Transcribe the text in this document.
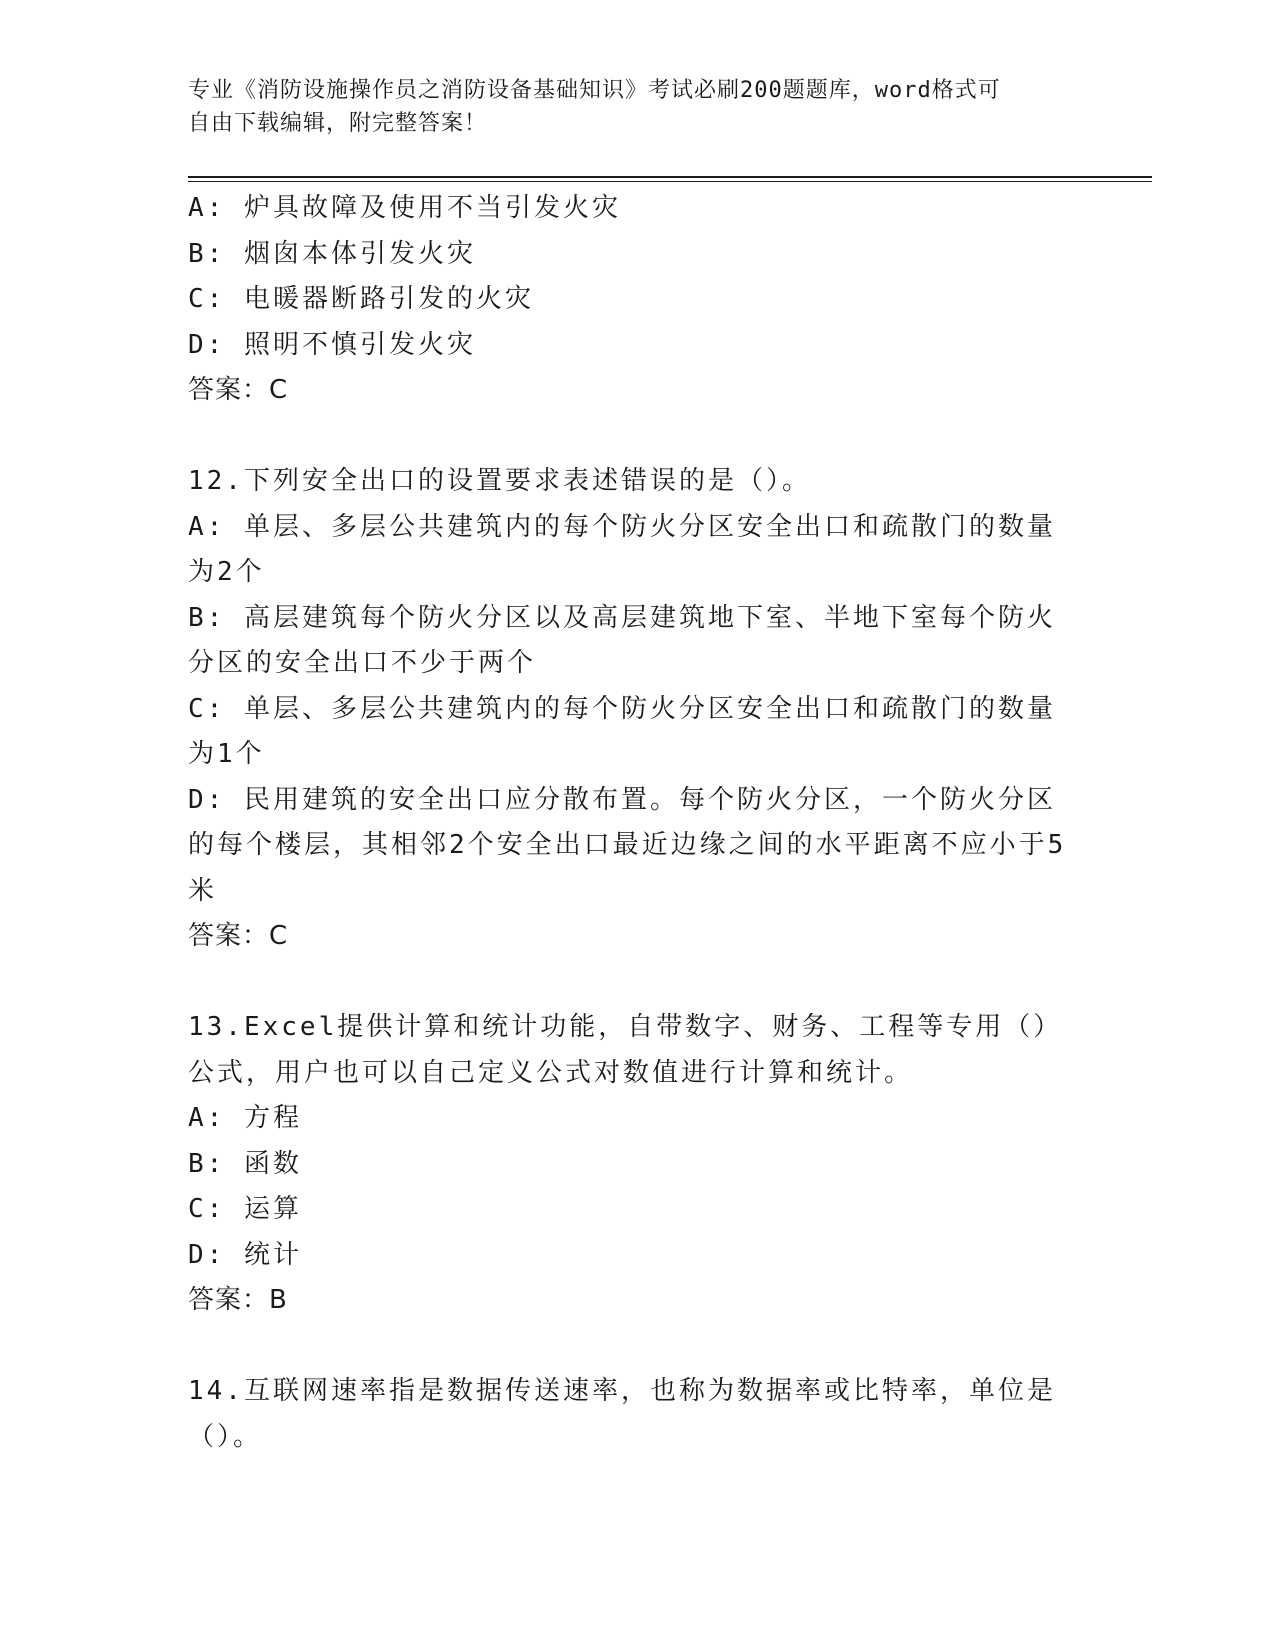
专业《消防设施操作员之消防设备基础知识》考试必刷200题题库，word格式可
自由下载编辑，附完整答案！
A: 炉具故障及使用不当引发火灾
B: 烟囱本体引发火灾
C: 电暖器断路引发的火灾
D: 照明不慎引发火灾
答案：C
12.下列安全出口的设置要求表述错误的是（）。
A: 单层、多层公共建筑内的每个防火分区安全出口和疏散门的数量为2个
B: 高层建筑每个防火分区以及高层建筑地下室、半地下室每个防火分区的安全出口不少于两个
C: 单层、多层公共建筑内的每个防火分区安全出口和疏散门的数量为1个
D: 民用建筑的安全出口应分散布置。每个防火分区，一个防火分区的每个楼层，其相邻2个安全出口最近边缘之间的水平距离不应小于5米
答案：C
13.Excel提供计算和统计功能，自带数字、财务、工程等专用（）公式，用户也可以自己定义公式对数值进行计算和统计。
A: 方程
B: 函数
C: 运算
D: 统计
答案：B
14.互联网速率指是数据传送速率，也称为数据率或比特率，单位是（）。
